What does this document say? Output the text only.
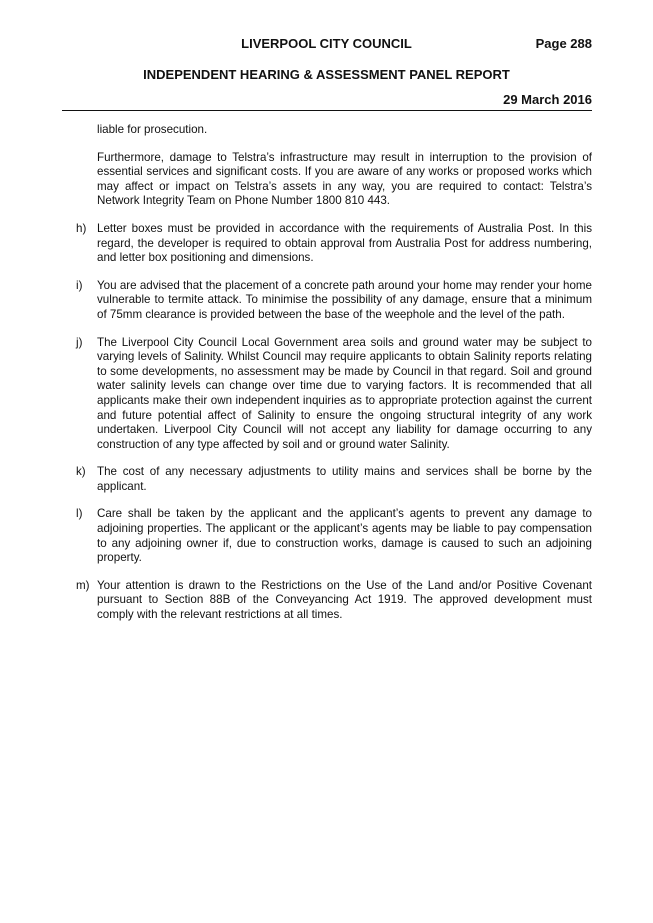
LIVERPOOL CITY COUNCIL	Page 288
INDEPENDENT HEARING & ASSESSMENT PANEL REPORT
29 March 2016

liable for prosecution.

Furthermore, damage to Telstra’s infrastructure may result in interruption to the provision of essential services and significant costs. If you are aware of any works or proposed works which may affect or impact on Telstra’s assets in any way, you are required to contact: Telstra’s Network Integrity Team on Phone Number 1800 810 443.

h) Letter boxes must be provided in accordance with the requirements of Australia Post. In this regard, the developer is required to obtain approval from Australia Post for address numbering, and letter box positioning and dimensions.
i)	You are advised that the placement of a concrete path around your home may render your home vulnerable to termite attack. To minimise the possibility of any damage, ensure that a minimum of 75mm clearance is provided between the base of the weephole and the level of the path.
j)	The Liverpool City Council Local Government area soils and ground water may be subject to varying levels of Salinity. Whilst Council may require applicants to obtain Salinity reports relating to some developments, no assessment may be made by Council in that regard. Soil and ground water salinity levels can change over time due to varying factors. It is recommended that all applicants make their own independent inquiries as to appropriate protection against the current and future potential affect of Salinity to ensure the ongoing structural integrity of any work undertaken. Liverpool City Council will not accept any liability for damage occurring to any construction of any type affected by soil and or ground water Salinity.
k) The cost of any necessary adjustments to utility mains and services shall be borne by the applicant.
l)	Care shall be taken by the applicant and the applicant’s agents to prevent any damage to adjoining properties. The applicant or the applicant’s agents may be liable to pay compensation to any adjoining owner if, due to construction works, damage is caused to such an adjoining property.
m) Your attention is drawn to the Restrictions on the Use of the Land and/or Positive Covenant pursuant to Section 88B of the Conveyancing Act 1919. The approved development must comply with the relevant restrictions at all times.
